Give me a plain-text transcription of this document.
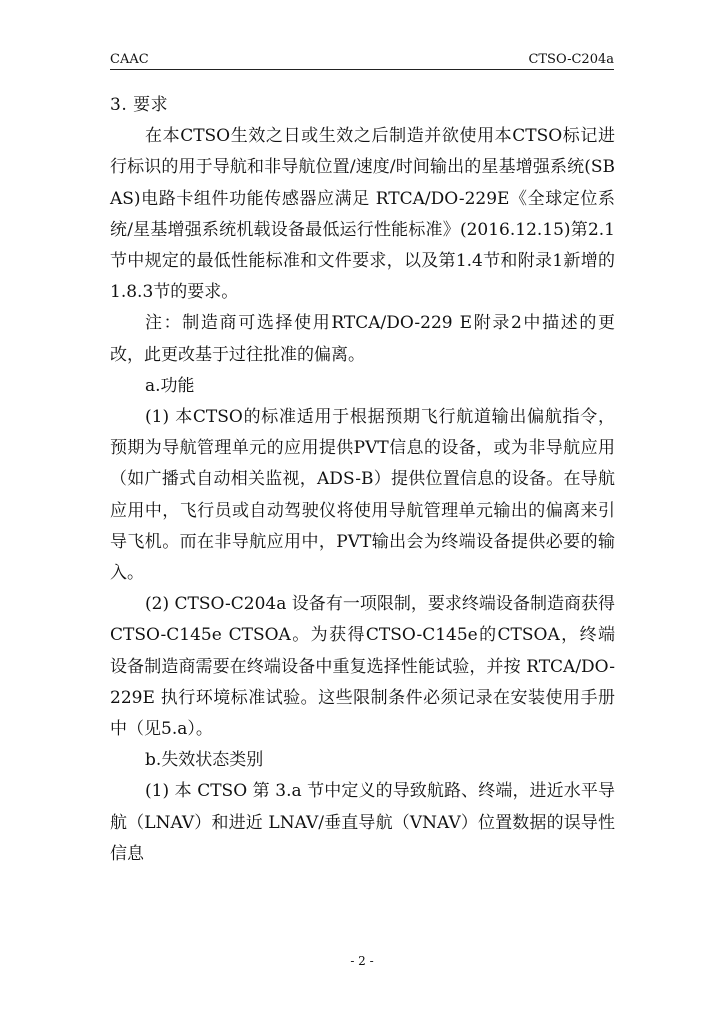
CAAC	CTSO-C204a
3. 要求

在本CTSO生效之日或生效之后制造并欲使用本CTSO标记进行标识的用于导航和非导航位置/速度/时间输出的星基增强系统(SBAS)电路卡组件功能传感器应满足 RTCA/DO-229E《全球定位系统/星基增强系统机载设备最低运行性能标准》(2016.12.15)第2.1节中规定的最低性能标准和文件要求，以及第1.4节和附录1新增的1.8.3节的要求。

注：制造商可选择使用RTCA/DO-229 E附录2中描述的更改，此更改基于过往批准的偏离。

a.功能

(1) 本CTSO的标准适用于根据预期飞行航道输出偏航指令，预期为导航管理单元的应用提供PVT信息的设备，或为非导航应用（如广播式自动相关监视，ADS-B）提供位置信息的设备。在导航应用中，飞行员或自动驾驶仪将使用导航管理单元输出的偏离来引导飞机。而在非导航应用中，PVT输出会为终端设备提供必要的输入。

(2) CTSO-C204a 设备有一项限制，要求终端设备制造商获得CTSO-C145e CTSOA。为获得CTSO-C145e的CTSOA，终端设备制造商需要在终端设备中重复选择性能试验，并按 RTCA/DO-229E 执行环境标准试验。这些限制条件必须记录在安装使用手册中（见5.a）。

b.失效状态类别

(1) 本 CTSO 第 3.a 节中定义的导致航路、终端，进近水平导航（LNAV）和进近 LNAV/垂直导航（VNAV）位置数据的误导性信息

- 2 -
